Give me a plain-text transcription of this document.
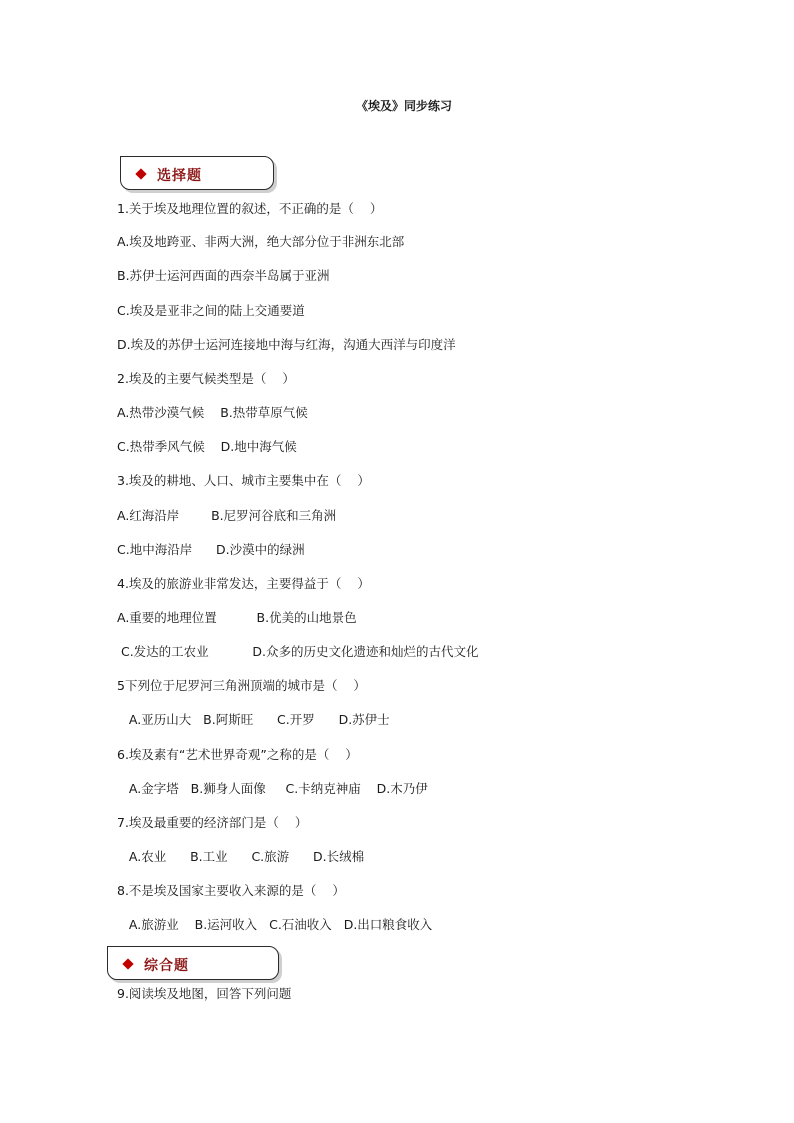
《埃及》同步练习
选择题
1.关于埃及地理位置的叙述，不正确的是（    ）
A.埃及地跨亚、非两大洲，绝大部分位于非洲东北部
B.苏伊士运河西面的西奈半岛属于亚洲
C.埃及是亚非之间的陆上交通要道
D.埃及的苏伊士运河连接地中海与红海，沟通大西洋与印度洋
2.埃及的主要气候类型是（    ）
A.热带沙漠气候    B.热带草原气候
C.热带季风气候    D.地中海气候
3.埃及的耕地、人口、城市主要集中在（    ）
A.红海沿岸        B.尼罗河谷底和三角洲
C.地中海沿岸      D.沙漠中的绿洲
4.埃及的旅游业非常发达，主要得益于（    ）
A.重要的地理位置          B.优美的山地景色
C.发达的工农业           D.众多的历史文化遗迹和灿烂的古代文化
5下列位于尼罗河三角洲顶端的城市是（    ）
A.亚历山大   B.阿斯旺      C.开罗      D.苏伊士
6.埃及素有“艺术世界奇观”之称的是（    ）
A.金字塔   B.狮身人面像     C.卡纳克神庙    D.木乃伊
7.埃及最重要的经济部门是（    ）
A.农业      B.工业      C.旅游      D.长绒棉
8.不是埃及国家主要收入来源的是（    ）
A.旅游业    B.运河收入   C.石油收入   D.出口粮食收入
综合题
9.阅读埃及地图，回答下列问题
